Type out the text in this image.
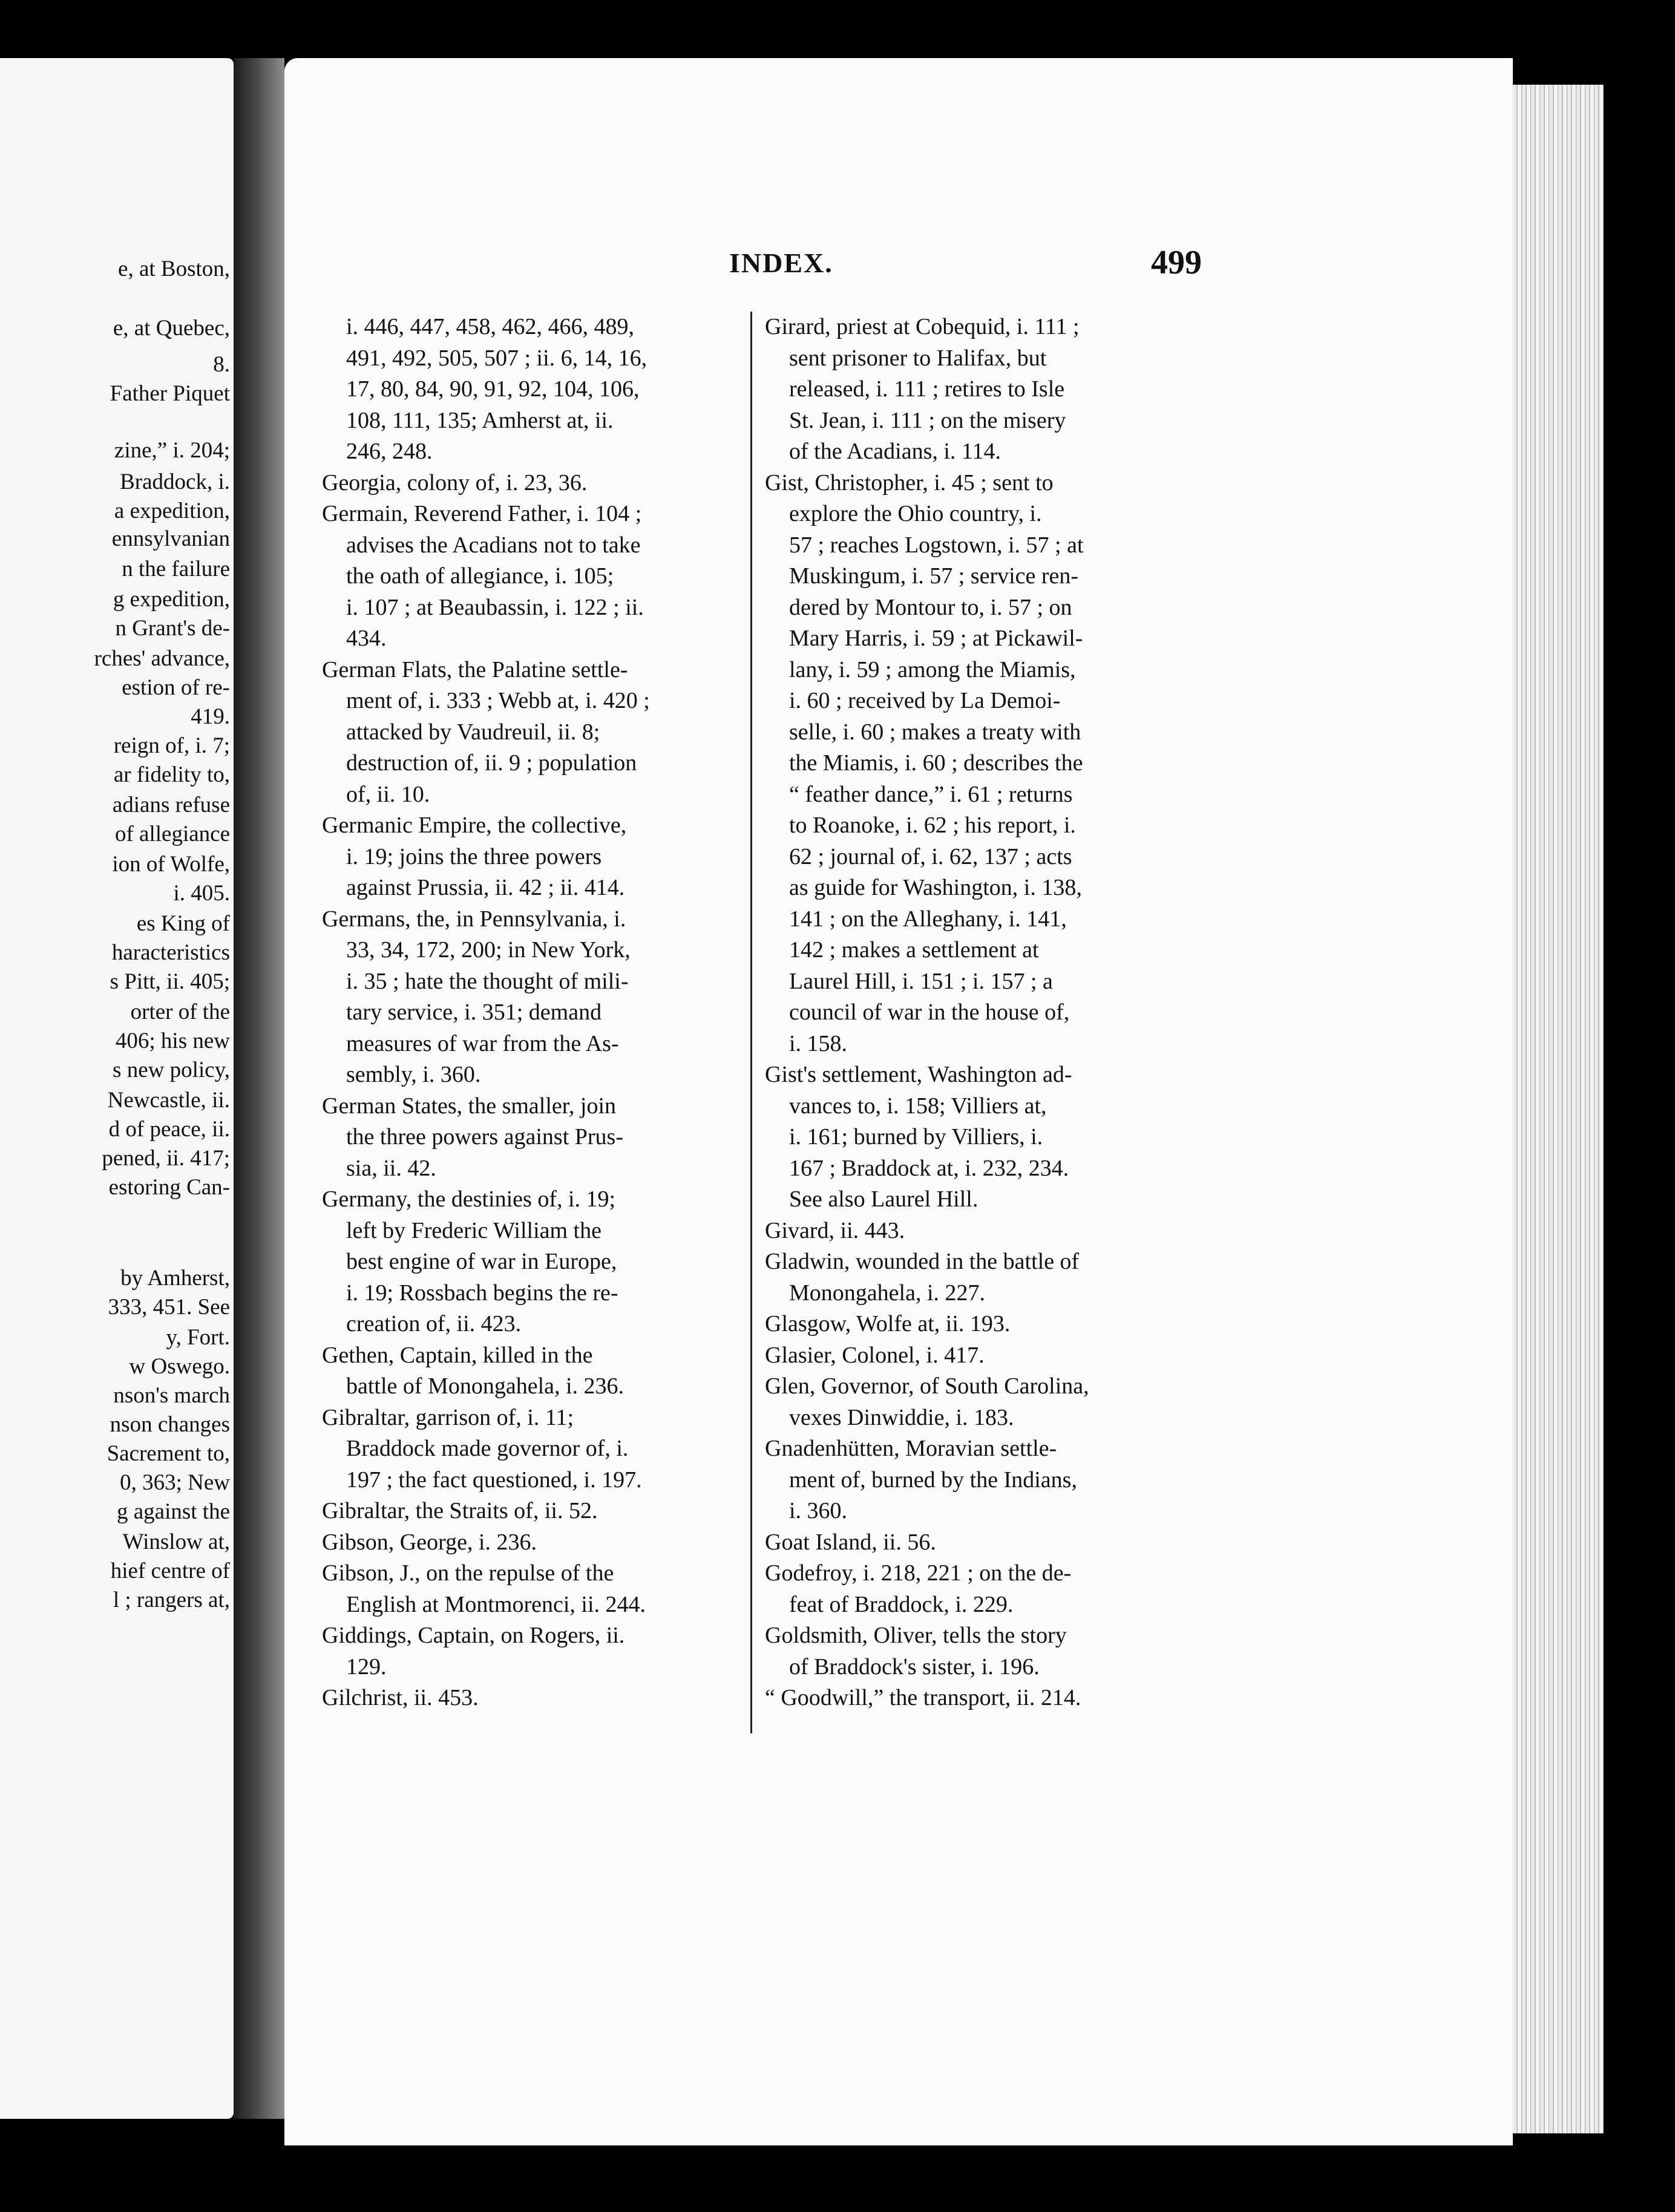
e, at Boston,
e, at Quebec,
8.
Father Piquet
zine,” i. 204;
Braddock, i.
a expedition,
ennsylvanian
n the failure
g expedition,
n Grant's de-
rches' advance,
estion of re-
419.
reign of, i. 7;
ar fidelity to,
adians refuse
of allegiance
ion of Wolfe,
i. 405.
es King of
haracteristics
s Pitt, ii. 405;
orter of the
406; his new
s new policy,
Newcastle, ii.
d of peace, ii.
pened, ii. 417;
estoring Can-
by Amherst,
333, 451. See
y, Fort.
w Oswego.
nson's march
nson changes
Sacrement to,
0, 363; New
g against the
Winslow at,
hief centre of
l ; rangers at,
INDEX.	499
i. 446, 447, 458, 462, 466, 489,
491, 492, 505, 507 ; ii. 6, 14, 16,
17, 80, 84, 90, 91, 92, 104, 106,
108, 111, 135; Amherst at, ii.
246, 248.
Georgia, colony of, i. 23, 36.
Germain, Reverend Father, i. 104 ;
advises the Acadians not to take
the oath of allegiance, i. 105;
i. 107 ; at Beaubassin, i. 122 ; ii.
434.
German Flats, the Palatine settle-
ment of, i. 333 ; Webb at, i. 420 ;
attacked by Vaudreuil, ii. 8;
destruction of, ii. 9 ; population
of, ii. 10.
Germanic Empire, the collective,
i. 19; joins the three powers
against Prussia, ii. 42 ; ii. 414.
Germans, the, in Pennsylvania, i.
33, 34, 172, 200; in New York,
i. 35 ; hate the thought of mili-
tary service, i. 351; demand
measures of war from the As-
sembly, i. 360.
German States, the smaller, join
the three powers against Prus-
sia, ii. 42.
Germany, the destinies of, i. 19;
left by Frederic William the
best engine of war in Europe,
i. 19; Rossbach begins the re-
creation of, ii. 423.
Gethen, Captain, killed in the
battle of Monongahela, i. 236.
Gibraltar, garrison of, i. 11;
Braddock made governor of, i.
197 ; the fact questioned, i. 197.
Gibraltar, the Straits of, ii. 52.
Gibson, George, i. 236.
Gibson, J., on the repulse of the
English at Montmorenci, ii. 244.
Giddings, Captain, on Rogers, ii.
129.
Gilchrist, ii. 453.
Girard, priest at Cobequid, i. 111 ;
sent prisoner to Halifax, but
released, i. 111 ; retires to Isle
St. Jean, i. 111 ; on the misery
of the Acadians, i. 114.
Gist, Christopher, i. 45 ; sent to
explore the Ohio country, i.
57 ; reaches Logstown, i. 57 ; at
Muskingum, i. 57 ; service ren-
dered by Montour to, i. 57 ; on
Mary Harris, i. 59 ; at Pickawil-
lany, i. 59 ; among the Miamis,
i. 60 ; received by La Demoi-
selle, i. 60 ; makes a treaty with
the Miamis, i. 60 ; describes the
“ feather dance,” i. 61 ; returns
to Roanoke, i. 62 ; his report, i.
62 ; journal of, i. 62, 137 ; acts
as guide for Washington, i. 138,
141 ; on the Alleghany, i. 141,
142 ; makes a settlement at
Laurel Hill, i. 151 ; i. 157 ; a
council of war in the house of,
i. 158.
Gist's settlement, Washington ad-
vances to, i. 158; Villiers at,
i. 161; burned by Villiers, i.
167 ; Braddock at, i. 232, 234.
See also Laurel Hill.
Givard, ii. 443.
Gladwin, wounded in the battle of
Monongahela, i. 227.
Glasgow, Wolfe at, ii. 193.
Glasier, Colonel, i. 417.
Glen, Governor, of South Carolina,
vexes Dinwiddie, i. 183.
Gnadenhütten, Moravian settle-
ment of, burned by the Indians,
i. 360.
Goat Island, ii. 56.
Godefroy, i. 218, 221 ; on the de-
feat of Braddock, i. 229.
Goldsmith, Oliver, tells the story
of Braddock's sister, i. 196.
“ Goodwill,” the transport, ii. 214.
